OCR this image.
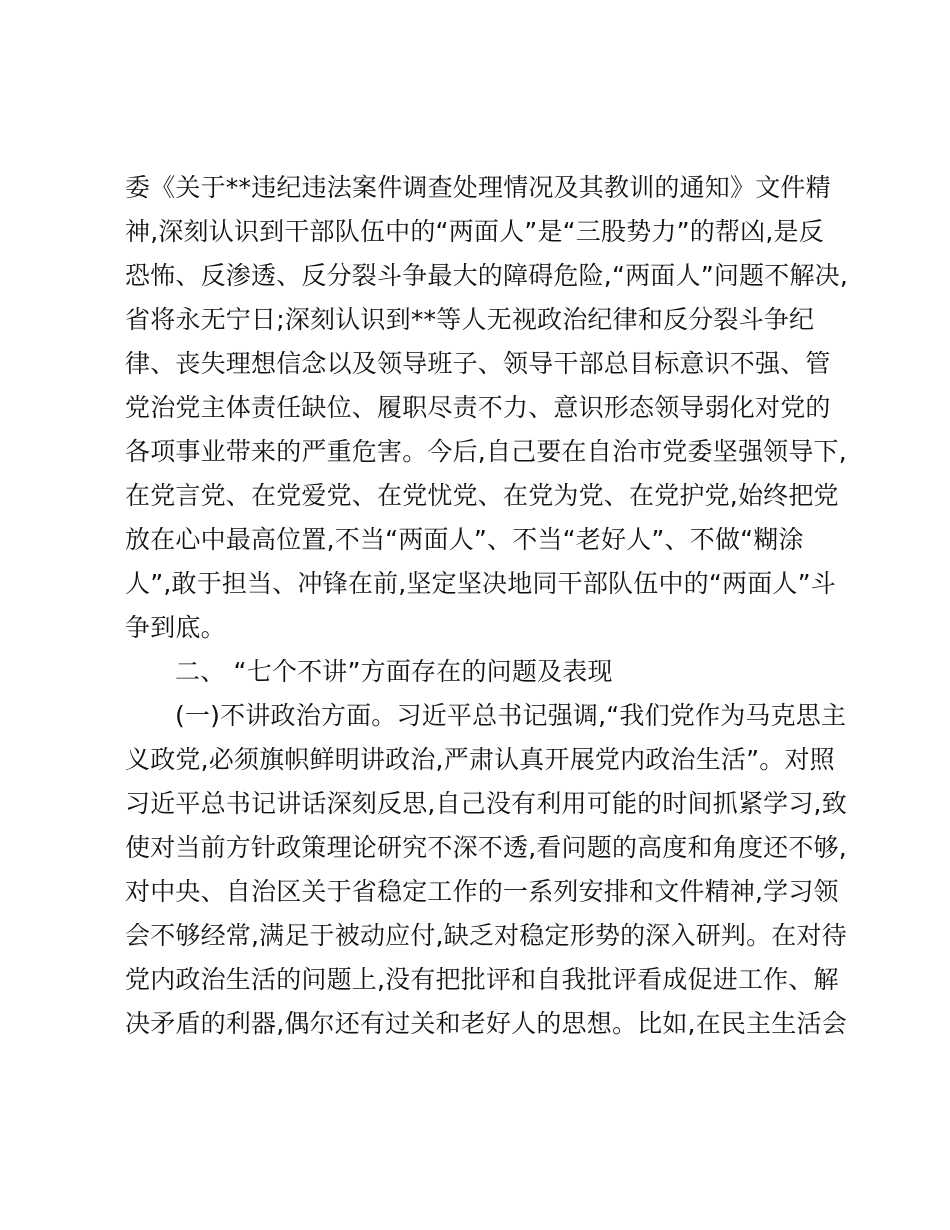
委《关于**违纪违法案件调查处理情况及其教训的通知》文件精
神,深刻认识到干部队伍中的“两面人”是“三股势力”的帮凶,是反
恐怖、反渗透、反分裂斗争最大的障碍危险,“两面人”问题不解决,
省将永无宁日;深刻认识到**等人无视政治纪律和反分裂斗争纪
律、丧失理想信念以及领导班子、领导干部总目标意识不强、管
党治党主体责任缺位、履职尽责不力、意识形态领导弱化对党的
各项事业带来的严重危害。今后,自己要在自治市党委坚强领导下,
在党言党、在党爱党、在党忧党、在党为党、在党护党,始终把党
放在心中最高位置,不当“两面人”、不当“老好人”、不做“糊涂
人”,敢于担当、冲锋在前,坚定坚决地同干部队伍中的“两面人”斗
争到底。
二、 “七个不讲”方面存在的问题及表现
(一)不讲政治方面。习近平总书记强调,“我们党作为马克思主
义政党,必须旗帜鲜明讲政治,严肃认真开展党内政治生活”。对照
习近平总书记讲话深刻反思,自己没有利用可能的时间抓紧学习,致
使对当前方针政策理论研究不深不透,看问题的高度和角度还不够,
对中央、自治区关于省稳定工作的一系列安排和文件精神,学习领
会不够经常,满足于被动应付,缺乏对稳定形势的深入研判。在对待
党内政治生活的问题上,没有把批评和自我批评看成促进工作、解
决矛盾的利器,偶尔还有过关和老好人的思想。比如,在民主生活会
